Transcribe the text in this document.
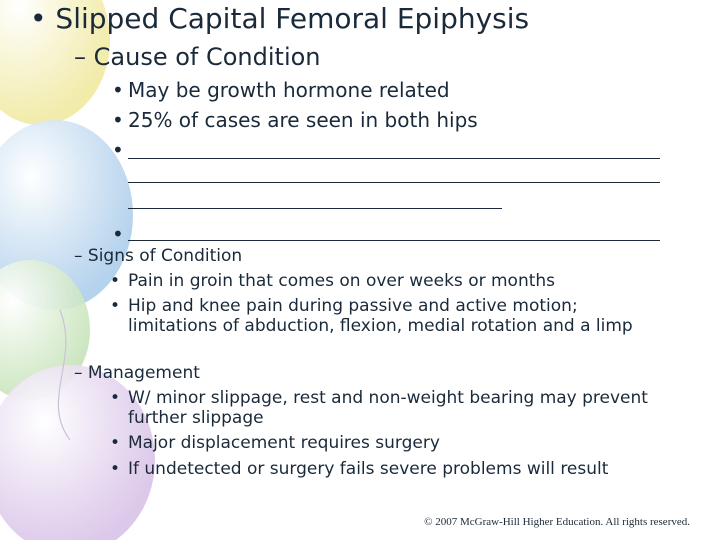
• Slipped Capital Femoral Epiphysis
– Cause of Condition
• May be growth hormone related
• 25% of cases are seen in both hips
•
•
– Signs of Condition
• Pain in groin that comes on over weeks or months
• Hip and knee pain during passive and active motion; limitations of abduction, flexion, medial rotation and a limp
– Management
• W/ minor slippage, rest and non-weight bearing may prevent further slippage
• Major displacement requires surgery
• If undetected or surgery fails severe problems will result
© 2007 McGraw-Hill Higher Education. All rights reserved.
